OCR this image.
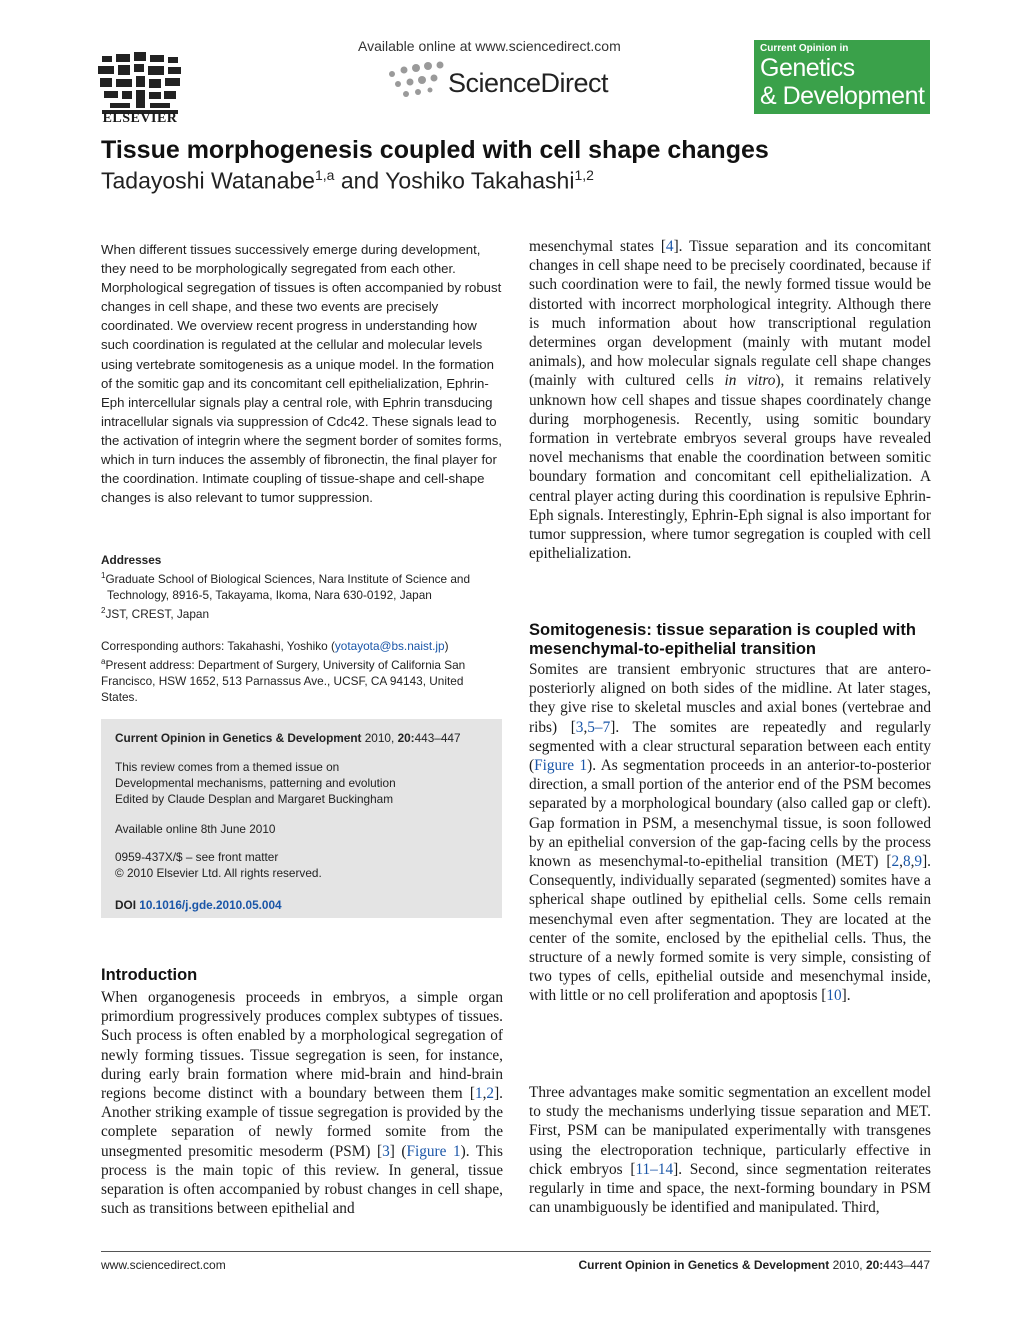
ELSEVIER
Available online at www.sciencedirect.com
ScienceDirect
Current Opinion in
Genetics
& Development
Tissue morphogenesis coupled with cell shape changes
Tadayoshi Watanabe$^{1,a}$ and Yoshiko Takahashi$^{1,2}$

When different tissues successively emerge during development, they need to be morphologically segregated from each other. Morphological segregation of tissues is often accompanied by robust changes in cell shape, and these two events are precisely coordinated. We overview recent progress in understanding how such coordination is regulated at the cellular and molecular levels using vertebrate somitogenesis as a unique model. In the formation of the somitic gap and its concomitant cell epithelialization, Ephrin-Eph intercellular signals play a central role, with Ephrin transducing intracellular signals via suppression of Cdc42. These signals lead to the activation of integrin where the segment border of somites forms, which in turn induces the assembly of fibronectin, the final player for the coordination. Intimate coupling of tissue-shape and cell-shape changes is also relevant to tumor suppression.

Addresses
$^1$Graduate School of Biological Sciences, Nara Institute of Science and Technology, 8916-5, Takayama, Ikoma, Nara 630-0192, Japan
$^2$JST, CREST, Japan
Corresponding authors: Takahashi, Yoshiko (yotayota@bs.naist.jp)
$^a$Present address: Department of Surgery, University of California San Francisco, HSW 1652, 513 Parnassus Ave., UCSF, CA 94143, United States.
Current Opinion in Genetics & Development 2010, 20:443–447
This review comes from a themed issue on
Developmental mechanisms, patterning and evolution
Edited by Claude Desplan and Margaret Buckingham
Available online 8th June 2010
0959-437X/$ – see front matter
© 2010 Elsevier Ltd. All rights reserved.
DOI 10.1016/j.gde.2010.05.004
Introduction

When organogenesis proceeds in embryos, a simple organ primordium progressively produces complex subtypes of tissues. Such process is often enabled by a morphological segregation of newly forming tissues. Tissue segregation is seen, for instance, during early brain formation where mid-brain and hind-brain regions become distinct with a boundary between them [1,2]. Another striking example of tissue segregation is provided by the complete separation of newly formed somite from the unsegmented presomitic mesoderm (PSM) [3] (Figure 1). This process is the main topic of this review. In general, tissue separation is often accompanied by robust changes in cell shape, such as transitions between epithelial and

mesenchymal states [4]. Tissue separation and its concomitant changes in cell shape need to be precisely coordinated, because if such coordination were to fail, the newly formed tissue would be distorted with incorrect morphological integrity. Although there is much information about how transcriptional regulation determines organ development (mainly with mutant model animals), and how molecular signals regulate cell shape changes (mainly with cultured cells in vitro), it remains relatively unknown how cell shapes and tissue shapes coordinately change during morphogenesis. Recently, using somitic boundary formation in vertebrate embryos several groups have revealed novel mechanisms that enable the coordination between somitic boundary formation and concomitant cell epithelialization. A central player acting during this coordination is repulsive Ephrin-Eph signals. Interestingly, Ephrin-Eph signal is also important for tumor suppression, where tumor segregation is coupled with cell epithelialization.

Somitogenesis: tissue separation is coupled with mesenchymal-to-epithelial transition

Somites are transient embryonic structures that are antero-posteriorly aligned on both sides of the midline. At later stages, they give rise to skeletal muscles and axial bones (vertebrae and ribs) [3,5–7]. The somites are repeatedly and regularly segmented with a clear structural separation between each entity (Figure 1). As segmentation proceeds in an anterior-to-posterior direction, a small portion of the anterior end of the PSM becomes separated by a morphological boundary (also called gap or cleft). Gap formation in PSM, a mesenchymal tissue, is soon followed by an epithelial conversion of the gap-facing cells by the process known as mesenchymal-to-epithelial transition (MET) [2,8,9]. Consequently, individually separated (segmented) somites have a spherical shape outlined by epithelial cells. Some cells remain mesenchymal even after segmentation. They are located at the center of the somite, enclosed by the epithelial cells. Thus, the structure of a newly formed somite is very simple, consisting of two types of cells, epithelial outside and mesenchymal inside, with little or no cell proliferation and apoptosis [10].

Three advantages make somitic segmentation an excellent model to study the mechanisms underlying tissue separation and MET. First, PSM can be manipulated experimentally with transgenes using the electroporation technique, particularly effective in chick embryos [11–14]. Second, since segmentation reiterates regularly in time and space, the next-forming boundary in PSM can unambiguously be identified and manipulated. Third,

www.sciencedirect.com	Current Opinion in Genetics & Development 2010, 20:443–447
